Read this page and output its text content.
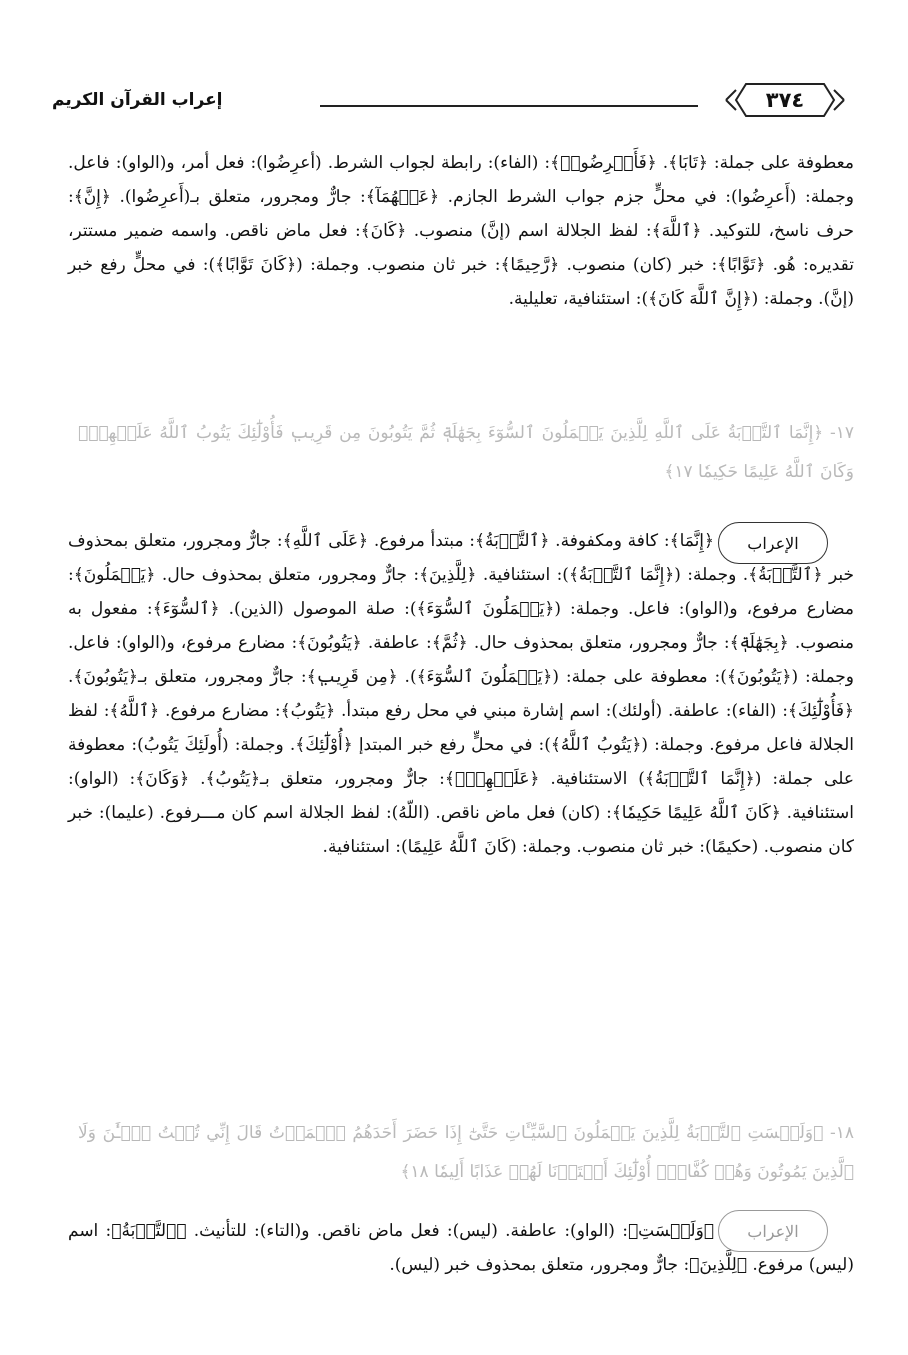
إعراب القرآن الكريم	٣٧٤
معطوفة على جملة: ﴿تَابَا﴾. ﴿فَأَعۡرِضُوا۟﴾: (الفاء): رابطة لجواب الشرط. (أعرِضُوا): فعل أمر، و(الواو): فاعل. وجملة: (أَعرِضُوا): في محلٍّ جزم جواب الشرط الجازم. ﴿عَنۡهُمَآ﴾: جارٌّ ومجرور، متعلق بـ(أَعرِضُوا). ﴿إِنَّ﴾: حرف ناسخ، للتوكيد. ﴿ٱللَّهَ﴾: لفظ الجلالة اسم (إنَّ) منصوب. ﴿كَانَ﴾: فعل ماض ناقص. واسمه ضمير مستتر، تقديره: هُو. ﴿تَوَّابًا﴾: خبر (كان) منصوب. ﴿رَّحِيمًا﴾: خبر ثان منصوب. وجملة: (﴿كَانَ تَوَّابًا﴾): في محلٍّ رفع خبر (إنَّ). وجملة: (﴿إِنَّ ٱللَّهَ كَانَ﴾): استئنافية، تعليلية.
١٧- ﴿إِنَّمَا ٱلتَّوۡبَةُ عَلَى ٱللَّهِ لِلَّذِينَ يَعۡمَلُونَ ٱلسُّوٓءَ بِجَهَٰلَةٖ ثُمَّ يَتُوبُونَ مِن قَرِيبٖ فَأُوْلَٰٓئِكَ يَتُوبُ ٱللَّهُ عَلَيۡهِمۡۗ وَكَانَ ٱللَّهُ عَلِيمًا حَكِيمٗا ١٧﴾
الإعراب
﴿إِنَّمَا﴾: كافة ومكفوفة. ﴿ٱلتَّوۡبَةُ﴾: مبتدأ مرفوع. ﴿عَلَى ٱللَّهِ﴾: جارٌّ ومجرور، متعلق بمحذوف خبر ﴿ٱلتَّوۡبَةُ﴾. وجملة: (﴿إِنَّمَا ٱلتَّوۡبَةُ﴾): استئنافية. ﴿لِلَّذِينَ﴾: جارٌّ ومجرور، متعلق بمحذوف حال. ﴿يَعۡمَلُونَ﴾: مضارع مرفوع، و(الواو): فاعل. وجملة: (﴿يَعۡمَلُونَ ٱلسُّوٓءَ﴾): صلة الموصول (الذين). ﴿ٱلسُّوٓءَ﴾: مفعول به منصوب. ﴿بِجَهَٰلَةٖ﴾: جارٌّ ومجرور، متعلق بمحذوف حال. ﴿ثُمَّ﴾: عاطفة. ﴿يَتُوبُونَ﴾: مضارع مرفوع، و(الواو): فاعل. وجملة: (﴿يَتُوبُونَ﴾): معطوفة على جملة: (﴿يَعۡمَلُونَ ٱلسُّوٓءَ﴾). ﴿مِن قَرِيبٖ﴾: جارٌّ ومجرور، متعلق بـ﴿يَتُوبُونَ﴾. ﴿فَأُوْلَٰٓئِكَ﴾: (الفاء): عاطفة. (أولئك): اسم إشارة مبني في محل رفع مبتدأ. ﴿يَتُوبُ﴾: مضارع مرفوع. ﴿ٱللَّهُ﴾: لفظ الجلالة فاعل مرفوع. وجملة: (﴿يَتُوبُ ٱللَّهُ﴾): في محلٍّ رفع خبر المبتدإ ﴿أُوْلَٰٓئِكَ﴾. وجملة: (أُولَئِكَ يَتُوبُ): معطوفة على جملة: (﴿إِنَّمَا ٱلتَّوۡبَةُ﴾) الاستئنافية. ﴿عَلَيۡهِمۡۗ﴾: جارٌّ ومجرور، متعلق بـ﴿يَتُوبُ﴾. ﴿وَكَانَ﴾: (الواو): استئنافية. ﴿كَانَ ٱللَّهُ عَلِيمًا حَكِيمٗا﴾: (كان) فعل ماض ناقص. (اللّهُ): لفظ الجلالة اسم كان مـــرفوع. (عليما): خبر كان منصوب. (حكيمًا): خبر ثان منصوب. وجملة: (كَانَ ٱللَّهُ عَلِيمًا): استئنافية.
١٨- ﴿وَلَيۡسَتِ ٱلتَّوۡبَةُ لِلَّذِينَ يَعۡمَلُونَ ٱلسَّيِّـَٔاتِ حَتَّىٰٓ إِذَا حَضَرَ أَحَدَهُمُ ٱلۡمَوۡتُ قَالَ إِنِّي تُبۡتُ ٱلۡـَٰٔنَ وَلَا ٱلَّذِينَ يَمُوتُونَ وَهُمۡ كُفَّارٌۚ أُوْلَٰٓئِكَ أَعۡتَدۡنَا لَهُمۡ عَذَابًا أَلِيمٗا ١٨﴾
الإعراب
﴿وَلَيۡسَتِ﴾: (الواو): عاطفة. (ليس): فعل ماض ناقص. و(التاء): للتأنيث. ﴿ٱلتَّوۡبَةُ﴾: اسم (ليس) مرفوع. ﴿لِلَّذِينَ﴾: جارٌّ ومجرور، متعلق بمحذوف خبر (ليس).
